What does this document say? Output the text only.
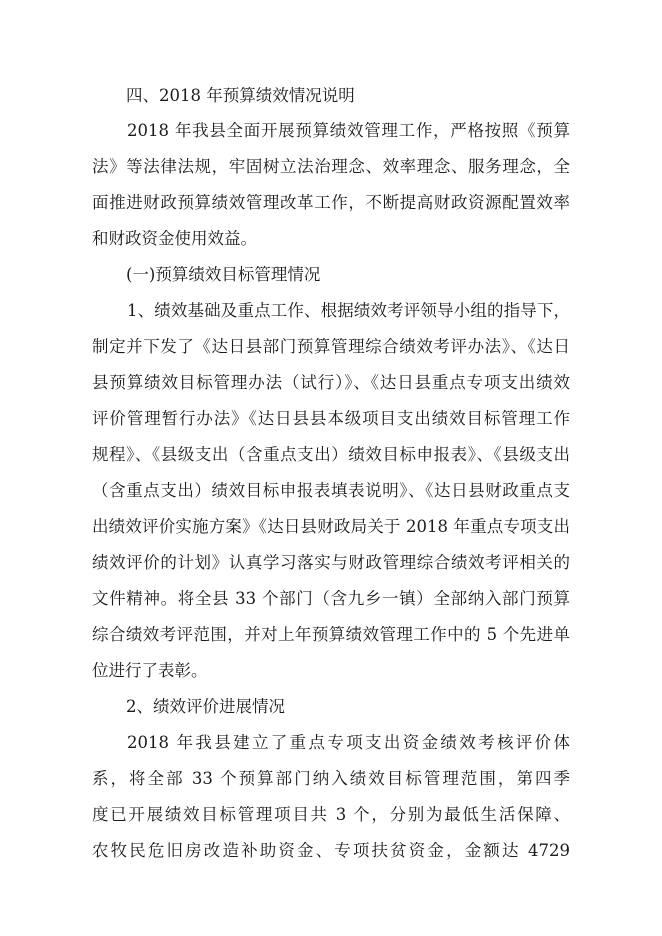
四、2018 年预算绩效情况说明
2018 年我县全面开展预算绩效管理工作，严格按照《预算
法》等法律法规，牢固树立法治理念、效率理念、服务理念，全
面推进财政预算绩效管理改革工作，不断提高财政资源配置效率
和财政资金使用效益。
(一)预算绩效目标管理情况
1、绩效基础及重点工作、根据绩效考评领导小组的指导下，
制定并下发了《达日县部门预算管理综合绩效考评办法》、《达日
县预算绩效目标管理办法（试行）》、《达日县重点专项支出绩效
评价管理暂行办法》《达日县县本级项目支出绩效目标管理工作
规程》、《县级支出（含重点支出）绩效目标申报表》、《县级支出
（含重点支出）绩效目标申报表填表说明》、《达日县财政重点支
出绩效评价实施方案》《达日县财政局关于 2018 年重点专项支出
绩效评价的计划》认真学习落实与财政管理综合绩效考评相关的
文件精神。将全县 33 个部门（含九乡一镇）全部纳入部门预算
综合绩效考评范围，并对上年预算绩效管理工作中的 5 个先进单
位进行了表彰。
2、绩效评价进展情况
2018 年我县建立了重点专项支出资金绩效考核评价体
系，将全部 33 个预算部门纳入绩效目标管理范围，第四季
度已开展绩效目标管理项目共 3 个，分别为最低生活保障、
农牧民危旧房改造补助资金、专项扶贫资金，金额达 4729
